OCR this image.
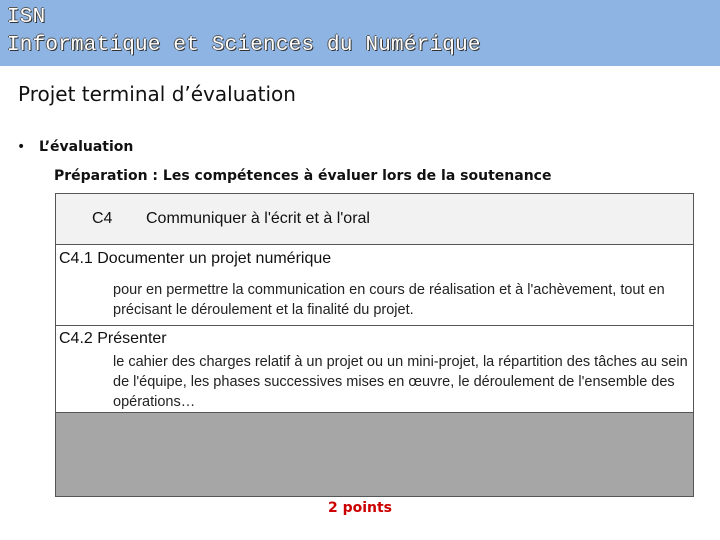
ISN

Informatique et Sciences du Numérique

Projet terminal d’évaluation
• L’évaluation
Préparation : Les compétences à évaluer lors de la soutenance
C4 Communiquer à l'écrit et à l'oral
C4.1 Documenter un projet numérique
pour en permettre la communication en cours de réalisation et à l'achèvement, tout en précisant le déroulement et la finalité du projet.
C4.2 Présenter
le cahier des charges relatif à un projet ou un mini-projet, la répartition des tâches au sein de l'équipe, les phases successives mises en œuvre, le déroulement de l'ensemble des opérations…
2 points
